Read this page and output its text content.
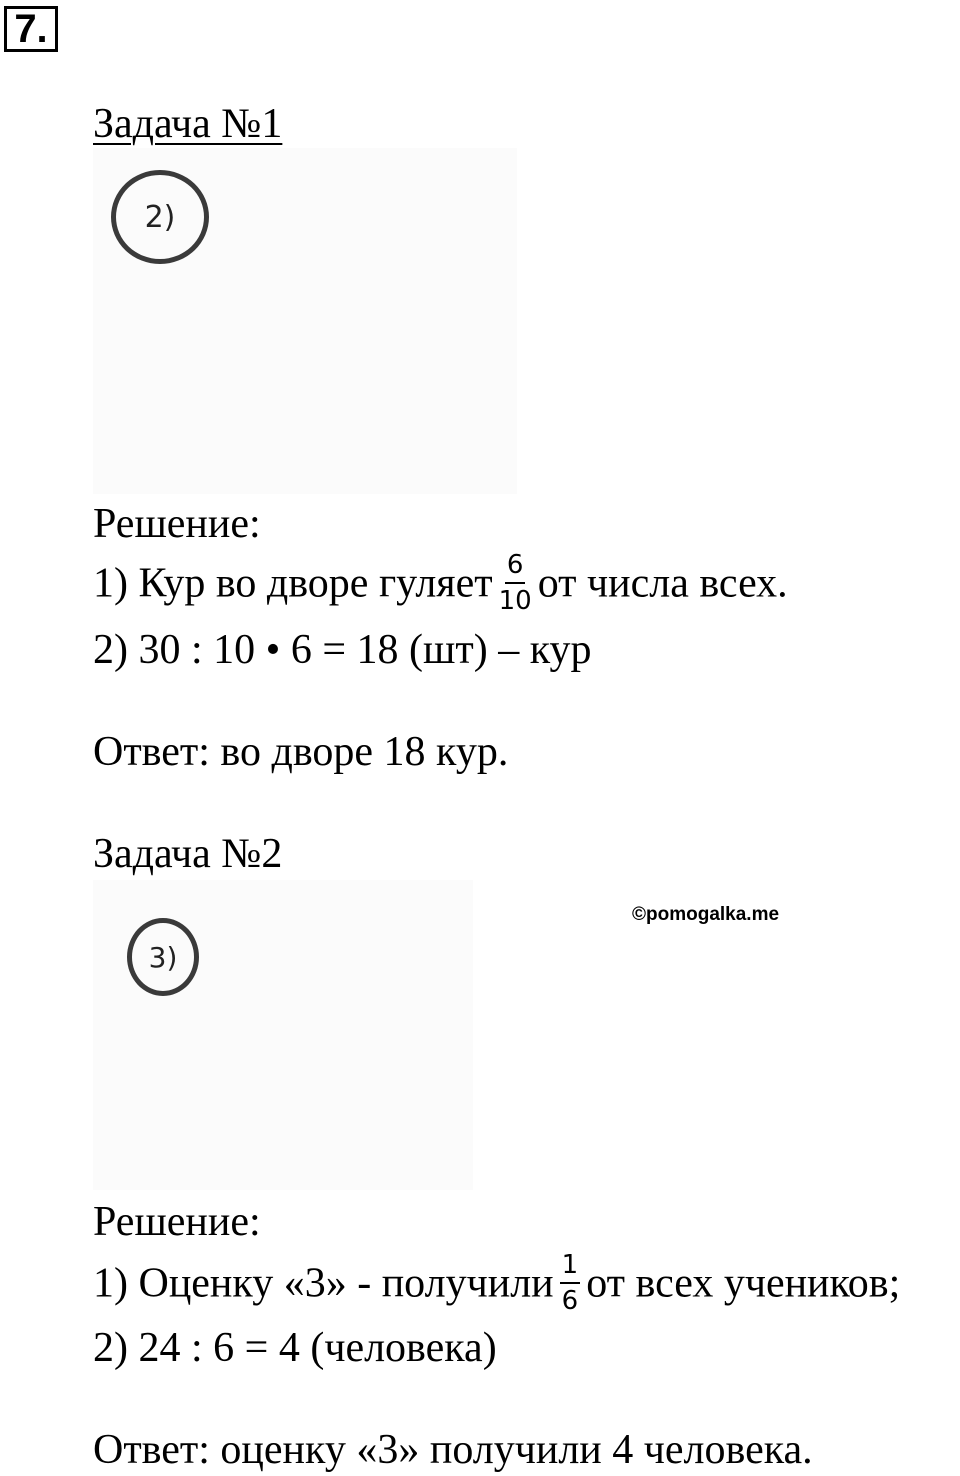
7.
Задача №1
2)
Решение:
1) Кур во дворе гуляет $\frac{6}{10}$ от числа всех.
2) 30 : 10 • 6 = 18 (шт) – кур
Ответ: во дворе 18 кур.
Задача №2
3)
©pomogalka.me
Решение:
1) Оценку «3» - получили $\frac{1}{6}$ от всех учеников;
2) 24 : 6 = 4 (человека)
Ответ: оценку «3» получили 4 человека.
